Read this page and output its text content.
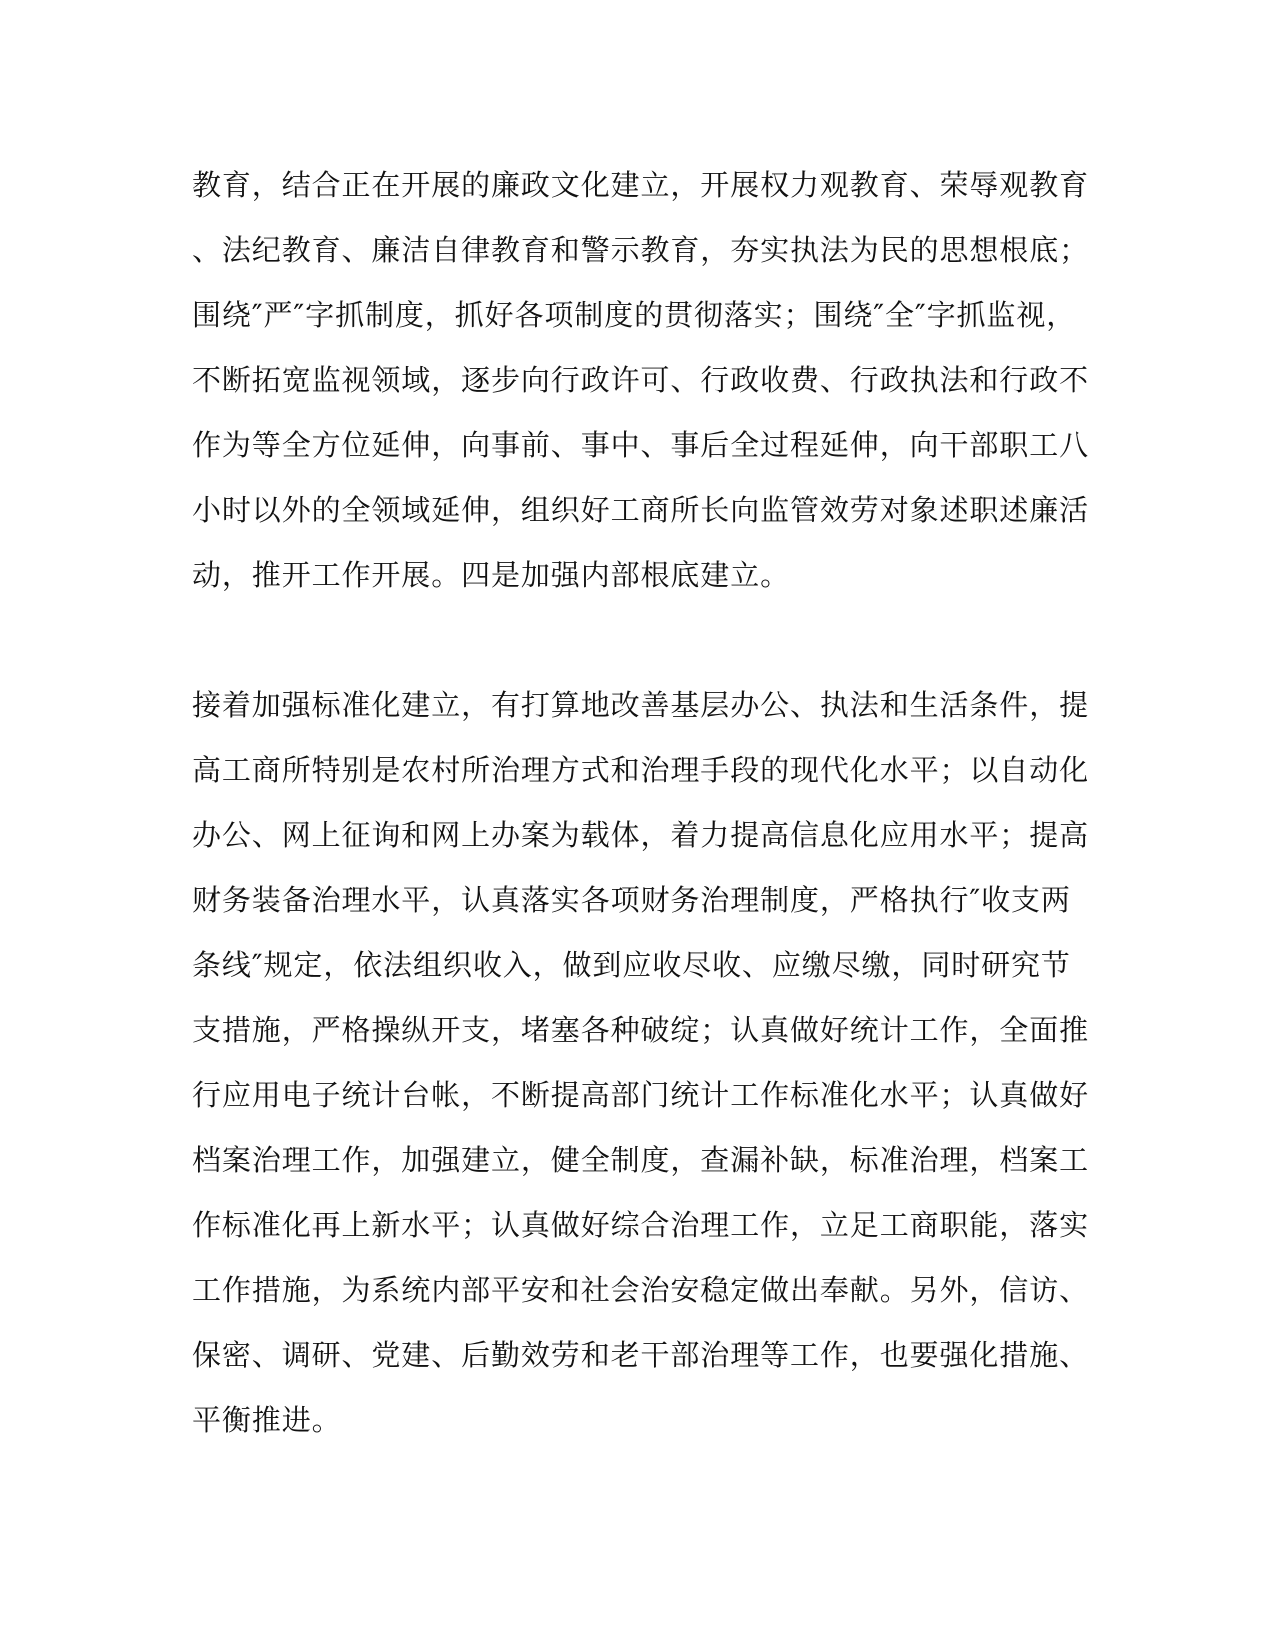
教育，结合正在开展的廉政文化建立，开展权力观教育、荣辱观教育
、法纪教育、廉洁自律教育和警示教育，夯实执法为民的思想根底；
围绕″严″字抓制度，抓好各项制度的贯彻落实；围绕″全″字抓监视，
不断拓宽监视领域，逐步向行政许可、行政收费、行政执法和行政不
作为等全方位延伸，向事前、事中、事后全过程延伸，向干部职工八
小时以外的全领域延伸，组织好工商所长向监管效劳对象述职述廉活
动，推开工作开展。四是加强内部根底建立。

接着加强标准化建立，有打算地改善基层办公、执法和生活条件，提
高工商所特别是农村所治理方式和治理手段的现代化水平；以自动化
办公、网上征询和网上办案为载体，着力提高信息化应用水平；提高
财务装备治理水平，认真落实各项财务治理制度，严格执行″收支两
条线″规定，依法组织收入，做到应收尽收、应缴尽缴，同时研究节
支措施，严格操纵开支，堵塞各种破绽；认真做好统计工作，全面推
行应用电子统计台帐，不断提高部门统计工作标准化水平；认真做好
档案治理工作，加强建立，健全制度，查漏补缺，标准治理，档案工
作标准化再上新水平；认真做好综合治理工作，立足工商职能，落实
工作措施，为系统内部平安和社会治安稳定做出奉献。另外，信访、
保密、调研、党建、后勤效劳和老干部治理等工作，也要强化措施、
平衡推进。
